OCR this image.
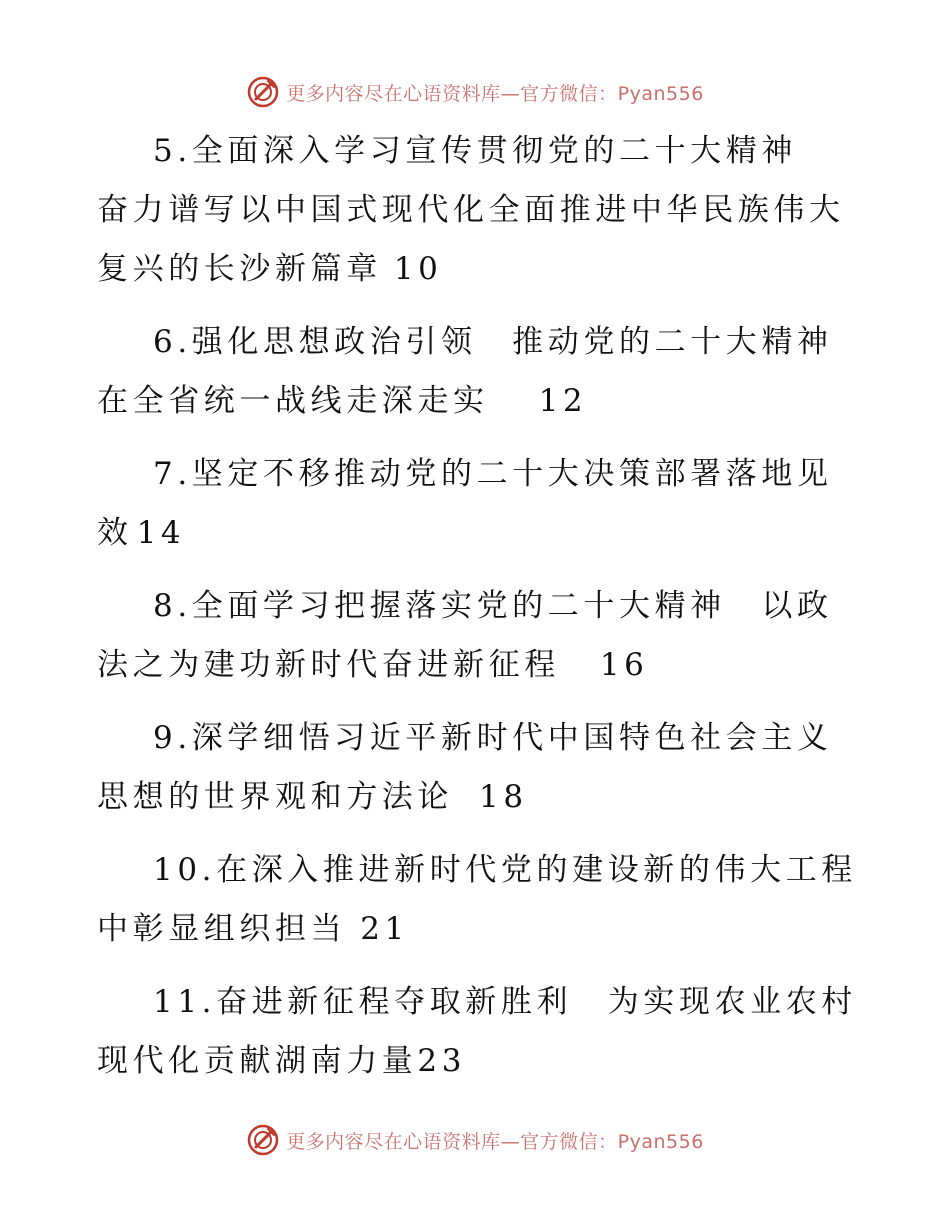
更多内容尽在心语资料库—官方微信：Pyan556
5.全面深入学习宣传贯彻党的二十大精神　奋力谱写以中国式现代化全面推进中华民族伟大复兴的长沙新篇章 10
6.强化思想政治引领　推动党的二十大精神在全省统一战线走深走实 12
7.坚定不移推动党的二十大决策部署落地见效 14
8.全面学习把握落实党的二十大精神　以政法之为建功新时代奋进新征程 16
9.深学细悟习近平新时代中国特色社会主义思想的世界观和方法论 18
10.在深入推进新时代党的建设新的伟大工程中彰显组织担当 21
11.奋进新征程夺取新胜利　为实现农业农村现代化贡献湖南力量23
更多内容尽在心语资料库—官方微信：Pyan556
